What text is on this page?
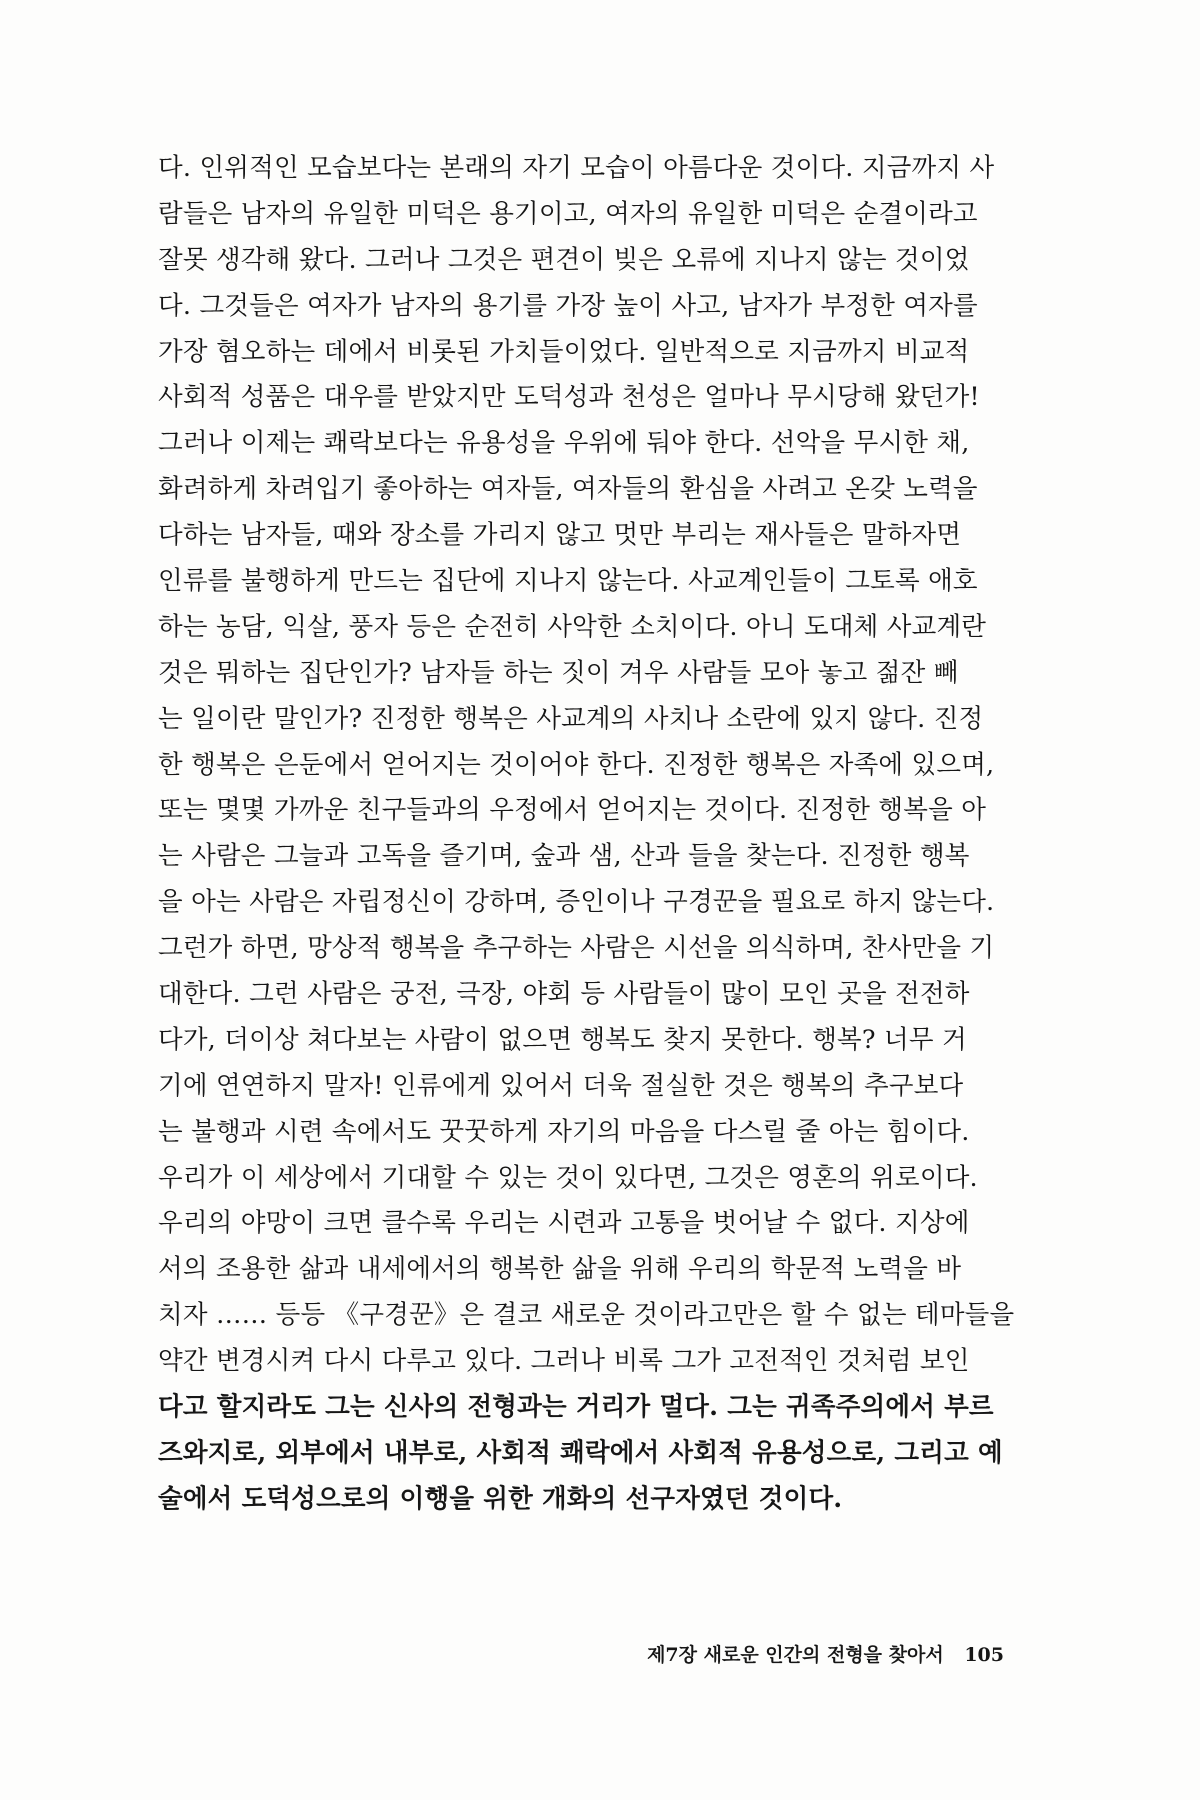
다. 인위적인 모습보다는 본래의 자기 모습이 아름다운 것이다. 지금까지 사
람들은 남자의 유일한 미덕은 용기이고, 여자의 유일한 미덕은 순결이라고
잘못 생각해 왔다. 그러나 그것은 편견이 빚은 오류에 지나지 않는 것이었
다. 그것들은 여자가 남자의 용기를 가장 높이 사고, 남자가 부정한 여자를
가장 혐오하는 데에서 비롯된 가치들이었다. 일반적으로 지금까지 비교적
사회적 성품은 대우를 받았지만 도덕성과 천성은 얼마나 무시당해 왔던가!
그러나 이제는 쾌락보다는 유용성을 우위에 둬야 한다. 선악을 무시한 채,
화려하게 차려입기 좋아하는 여자들, 여자들의 환심을 사려고 온갖 노력을
다하는 남자들, 때와 장소를 가리지 않고 멋만 부리는 재사들은 말하자면
인류를 불행하게 만드는 집단에 지나지 않는다. 사교계인들이 그토록 애호
하는 농담, 익살, 풍자 등은 순전히 사악한 소치이다. 아니 도대체 사교계란
것은 뭐하는 집단인가? 남자들 하는 짓이 겨우 사람들 모아 놓고 젊잔 빼
는 일이란 말인가? 진정한 행복은 사교계의 사치나 소란에 있지 않다. 진정
한 행복은 은둔에서 얻어지는 것이어야 한다. 진정한 행복은 자족에 있으며,
또는 몇몇 가까운 친구들과의 우정에서 얻어지는 것이다. 진정한 행복을 아
는 사람은 그늘과 고독을 즐기며, 숲과 샘, 산과 들을 찾는다. 진정한 행복
을 아는 사람은 자립정신이 강하며, 증인이나 구경꾼을 필요로 하지 않는다.
그런가 하면, 망상적 행복을 추구하는 사람은 시선을 의식하며, 찬사만을 기
대한다. 그런 사람은 궁전, 극장, 야회 등 사람들이 많이 모인 곳을 전전하
다가, 더이상 쳐다보는 사람이 없으면 행복도 찾지 못한다. 행복? 너무 거
기에 연연하지 말자! 인류에게 있어서 더욱 절실한 것은 행복의 추구보다
는 불행과 시련 속에서도 꿋꿋하게 자기의 마음을 다스릴 줄 아는 힘이다.
우리가 이 세상에서 기대할 수 있는 것이 있다면, 그것은 영혼의 위로이다.
우리의 야망이 크면 클수록 우리는 시련과 고통을 벗어날 수 없다. 지상에
서의 조용한 삶과 내세에서의 행복한 삶을 위해 우리의 학문적 노력을 바
치자 …… 등등 《구경꾼》은 결코 새로운 것이라고만은 할 수 없는 테마들을
약간 변경시켜 다시 다루고 있다. 그러나 비록 그가 고전적인 것처럼 보인
다고 할지라도 그는 신사의 전형과는 거리가 멀다. 그는 귀족주의에서 부르
즈와지로, 외부에서 내부로, 사회적 쾌락에서 사회적 유용성으로, 그리고 예
술에서 도덕성으로의 이행을 위한 개화의 선구자였던 것이다.
제7장 새로운 인간의 전형을 찾아서 105
